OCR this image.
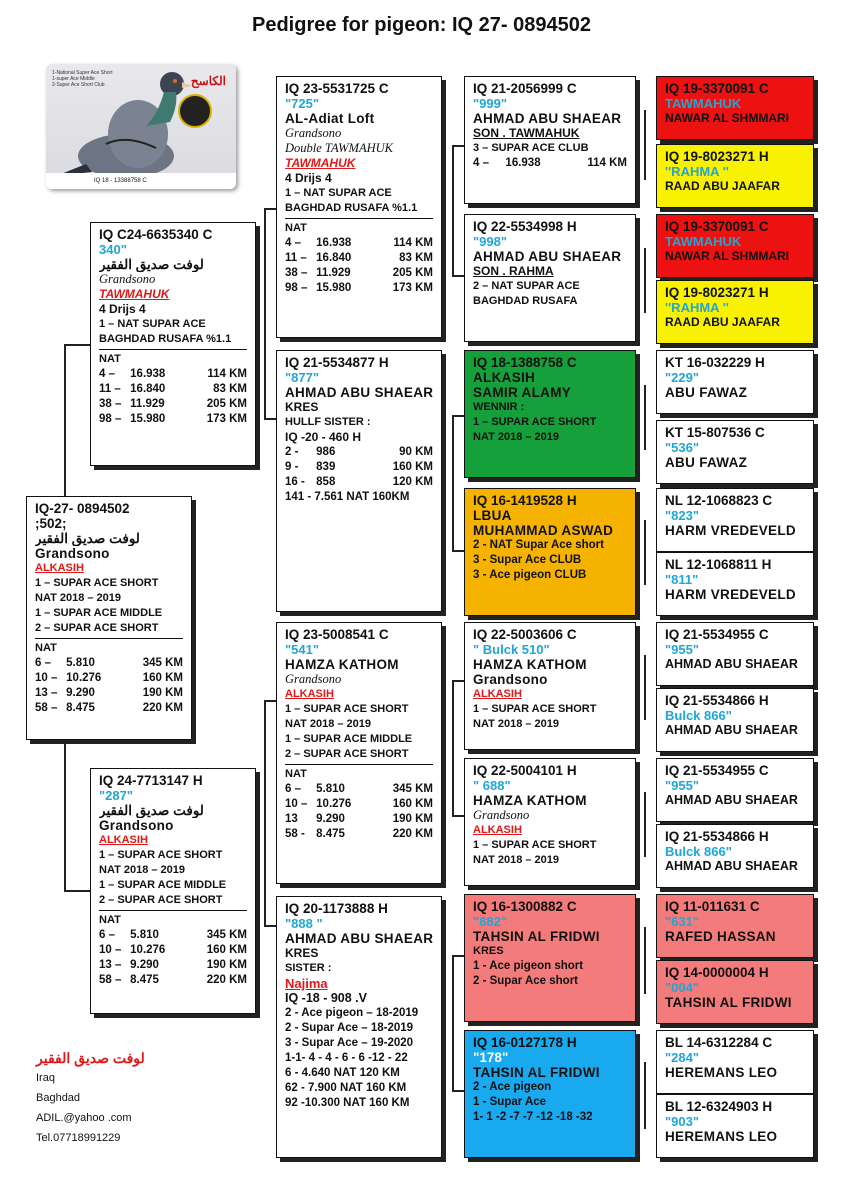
Pedigree for pigeon: IQ 27- 0894502
1-National Super Ace Short
1-super Ace Middle
2-Super Ace Short Club	الكاسح
IQ 18 - 13388758 C
IQ-27- 0894502
;502;
لوفت صديق الفقير
Grandsono
ALKASIH
1 – SUPAR ACE SHORT
NAT 2018 – 2019
1 – SUPAR ACE MIDDLE
2 – SUPAR ACE SHORT
NAT
6 –	5.810	345 KM
10 – 10.276	160 KM
13 – 9.290	190 KM
58 – 8.475	220 KM
IQ C24-6635340 C
340"
لوفت صديق الفقير
Grandsono
TAWMAHUK
4 Drijs 4
1 – NAT SUPAR ACE
BAGHDAD RUSAFA %1.1
NAT
4 –	16.938	114 KM
11 – 16.840	83 KM
38 – 11.929	205 KM
98 – 15.980	173 KM
IQ 24-7713147 H
"287"
لوفت صديق الفقير
Grandsono
ALKASIH
1 – SUPAR ACE SHORT
NAT 2018 – 2019
1 – SUPAR ACE MIDDLE
2 – SUPAR ACE SHORT
NAT
6 –	5.810	345 KM
10 – 10.276	160 KM
13 – 9.290	190 KM
58 – 8.475	220 KM
IQ 23-5531725 C
"725"
AL-Adiat Loft
Grandsono
Double TAWMAHUK
TAWMAHUK
4 Drijs 4
1 – NAT SUPAR ACE
BAGHDAD RUSAFA %1.1
NAT
4 –	16.938	114 KM
11 – 16.840	83 KM
38 – 11.929	205 KM
98 – 15.980	173 KM
IQ 21-5534877 H
"877"
AHMAD ABU SHAEAR
KRES
HULLF SISTER :
IQ -20 - 460 H
2 -	986	90 KM
9 -	839	160 KM
16 - 858	120 KM
141 - 7.561 NAT 160KM
IQ 23-5008541 C
"541"
HAMZA KATHOM
Grandsono
ALKASIH
1 – SUPAR ACE SHORT
NAT 2018 – 2019
1 – SUPAR ACE MIDDLE
2 – SUPAR ACE SHORT
NAT
6 –	5.810	345 KM
10 – 10.276	160 KM
13	9.290	190 KM
58 - 8.475	220 KM
IQ 20-1173888 H
"888 "
AHMAD ABU SHAEAR
KRES
SISTER :
Najima
IQ -18 - 908 .V
2 - Ace pigeon – 18-2019
2 - Supar Ace – 18-2019
3 - Supar Ace – 19-2020
1-1- 4 - 4 - 6 - 6 -12 - 22
6 - 4.640 NAT 120 KM
62 - 7.900 NAT 160 KM
92 -10.300 NAT 160 KM
IQ 21-2056999 C
"999"
AHMAD ABU SHAEAR
SON . TAWMAHUK
3 – SUPAR ACE CLUB
4 –	16.938	114 KM
IQ 22-5534998 H
"998"
AHMAD ABU SHAEAR
SON . RAHMA
2 – NAT SUPAR ACE
BAGHDAD RUSAFA
IQ 18-1388758 C
ALKASIH
SAMIR ALAMY
WENNIR :
1 – SUPAR ACE SHORT
NAT 2018 – 2019
IQ 16-1419528 H
LBUA
MUHAMMAD ASWAD
2 - NAT Supar Ace short
3 - Supar Ace CLUB
3 - Ace pigeon CLUB
IQ 22-5003606 C
" Bulck 510"
HAMZA KATHOM
Grandsono
ALKASIH
1 – SUPAR ACE SHORT
NAT 2018 – 2019
IQ 22-5004101 H
" 688"
HAMZA KATHOM
Grandsono
ALKASIH
1 – SUPAR ACE SHORT
NAT 2018 – 2019
IQ 16-1300882 C
"882"
TAHSIN AL FRIDWI
KRES
1 - Ace pigeon short
2 - Supar Ace short
IQ 16-0127178 H
"178"
TAHSIN AL FRIDWI
2 - Ace pigeon
1 - Supar Ace
1- 1 -2 -7 -7 -12 -18 -32
IQ 19-3370091 C
TAWMAHUK
NAWAR AL SHMMARI
IQ 19-8023271 H
''RAHMA ''
RAAD ABU JAAFAR
IQ 19-3370091 C
TAWMAHUK
NAWAR AL SHMMARI
IQ 19-8023271 H
''RAHMA ''
RAAD ABU JAAFAR
KT 16-032229 H
"229"
ABU FAWAZ
KT 15-807536 C
"536"
ABU FAWAZ
NL 12-1068823 C
"823"
HARM VREDEVELD
NL 12-1068811 H
"811"
HARM VREDEVELD
IQ 21-5534955 C
"955"
AHMAD ABU SHAEAR
IQ 21-5534866 H
Bulck 866"
AHMAD ABU SHAEAR
IQ 21-5534955 C
"955"
AHMAD ABU SHAEAR
IQ 21-5534866 H
Bulck 866"
AHMAD ABU SHAEAR
IQ 11-011631 C
"631"
RAFED HASSAN
IQ 14-0000004 H
"004"
TAHSIN AL FRIDWI
BL 14-6312284 C
"284"
HEREMANS LEO
BL 12-6324903 H
"903"
HEREMANS LEO
لوفت صديق الفقير
Iraq
Baghdad
ADIL.@yahoo .com
Tel.07718991229
